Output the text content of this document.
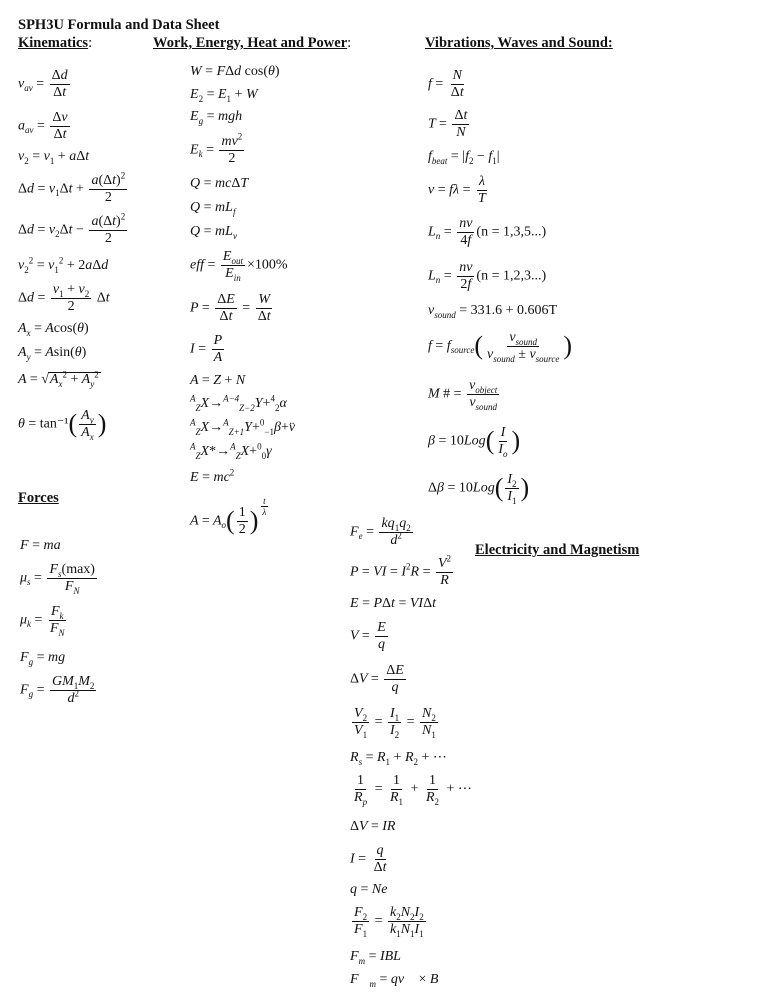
SPH3U Formula and Data Sheet
Kinematics:	Work, Energy, Heat and Power:	Vibrations, Waves and Sound:
Forces
Electricity and Magnetism
$v_{av} = \frac{\Delta d}{\Delta t}$
$a_{av} = \frac{\Delta v}{\Delta t}$
$v_2 = v_1 + a\Delta t$
$\Delta d = v_1\Delta t + \frac{a(\Delta t)^2}{2}$
$\Delta d = v_2\Delta t - \frac{a(\Delta t)^2}{2}$
$v_2^2 = v_1^2 + 2a\Delta d$
$\Delta d = \frac{v_1 + v_2}{2}$ Δt
$A_x = Acos(\theta)$
$A_y = Asin(\theta)$
$A = √A_x^2 + A_y^2$
$\theta = \tan^{-1}( \frac{A_y}{A_x}$ )
W = FΔd cos(θ)
$E_2 = E_1 + W$
$E_g$ = mgh
$E_k = \frac{mv^2}{2}$
Q = mcΔT
$Q = mL_f$
$Q = mL_v$
eff = $\frac{E_{out}}{E_{in}} \times 100\%$
$P = \frac{\Delta E}{\Delta t} = \frac{W}{\Delta t}$
$I = \frac{P}{A}$
A = Z + N
$^A_Z$X→$^{A-4}_{Z-2}$Y+$^4_2$α
$^A_Z$X→$^A_{Z+1}$Y+$^0_{-1}$β+v̈
$^A_Z$X*→$^A_Z$X+$^0_0$γ
$E = mc^2$
$A = A_o( \frac{1}{2}$ ) $^{\frac{t}{\lambda}}$
$f = \frac{N}{\Delta t}$
$T = \frac{\Delta t}{N}$
$f_{beat} = |f_2 - f_1|$
$v = f\lambda = \frac{\lambda}{T}$
$L_n = \frac{nv}{4f} (n = 1,3,5...)$
$L_n = \frac{nv}{2f} (n = 1,2,3...)$
$v_{sound} = 331.6 + 0.606T$
$f = f_{source}( \frac{v_{sound}}{v_{sound} \pm v_{source}}$ )
M # = $\frac{v_{object}}{v_{sound}}$
$\beta = 10Log( \frac{I}{I_o}$ )
$\Delta\beta = 10Log( \frac{I_2}{I_1}$ )
F = ma
$\mu_s = \frac{F_s(\max)}{F_N}$
$\mu_k = \frac{F_k}{F_N}$
$F_g$ = mg
$F_g = \frac{GM_1M_2}{d^2}$
$F_e = \frac{kq_1q_2}{d^2}$
P = VI = $I^2R = \frac{V^2}{R}$
E = PΔt = VIΔt
$V = \frac{E}{q}$
$\Delta V = \frac{\Delta E}{q}$
$\frac{V_2}{V_1} = \frac{I_1}{I_2} = \frac{N_2}{N_1}$
$R_s = R_1 + R_2$ + ⋯
$\frac{1}{R_p} = \frac{1}{R_1} + \frac{1}{R_2}$ + ⋯
ΔV = IR
$I = \frac{q}{\Delta t}$
q = Ne
$\frac{F_2}{F_1} = \frac{k_2N_2I_2}{k_1N_1I_1}$
$F_m$ = IBL
$F⃗_m$ = qv⃗ × B⃗
